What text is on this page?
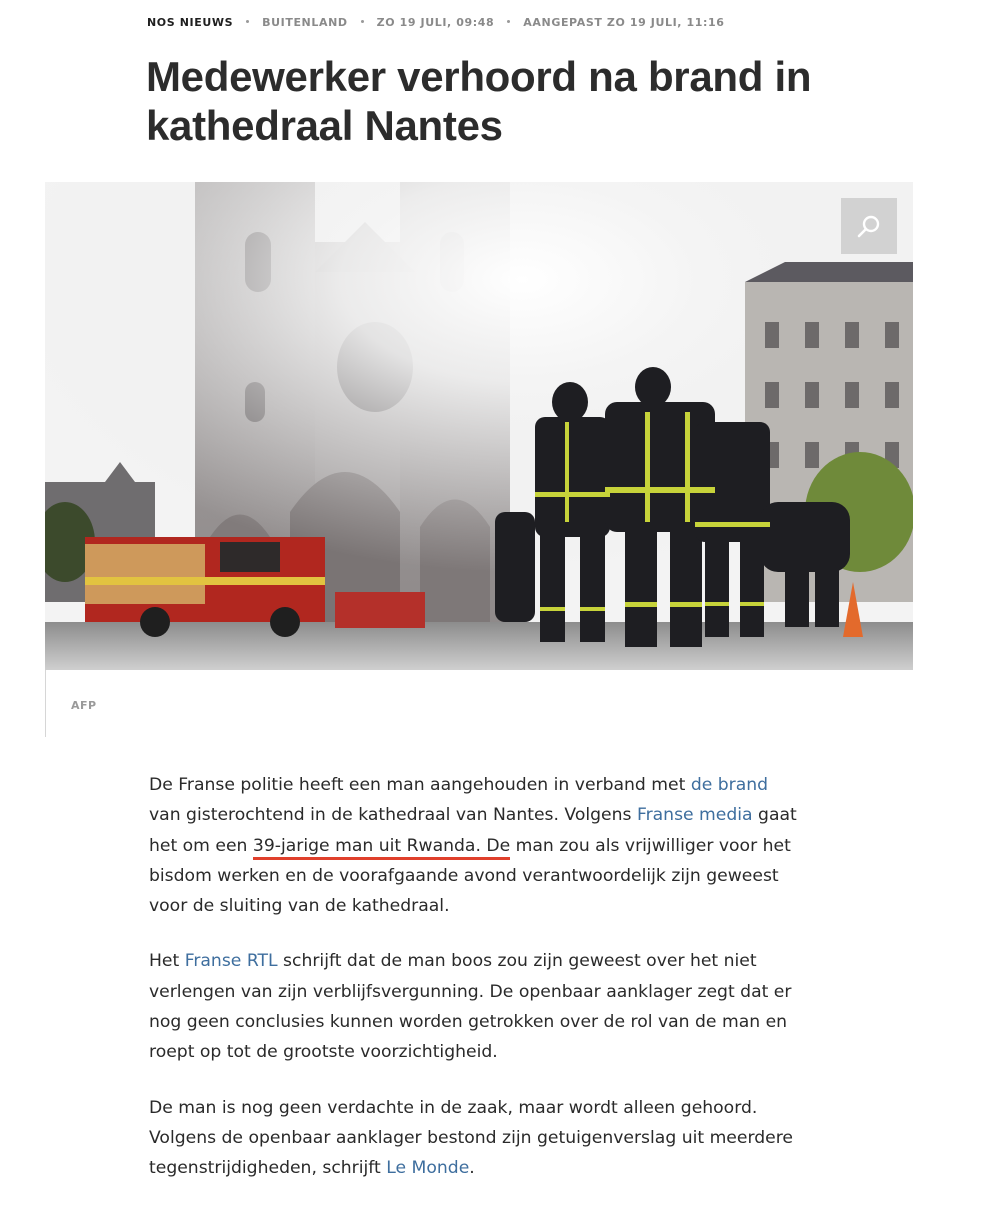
NOS NIEUWS	BUITENLAND	ZO 19 JULI, 09:48	AANGEPAST ZO 19 JULI, 11:16
Medewerker verhoord na brand in kathedraal Nantes
AFP

De Franse politie heeft een man aangehouden in verband met de brand van gisterochtend in de kathedraal van Nantes. Volgens Franse media gaat het om een 39-jarige man uit Rwanda. De man zou als vrijwilliger voor het bisdom werken en de voorafgaande avond verantwoordelijk zijn geweest voor de sluiting van de kathedraal.

Het Franse RTL schrijft dat de man boos zou zijn geweest over het niet verlengen van zijn verblijfsvergunning. De openbaar aanklager zegt dat er nog geen conclusies kunnen worden getrokken over de rol van de man en roept op tot de grootste voorzichtigheid.

De man is nog geen verdachte in de zaak, maar wordt alleen gehoord. Volgens de openbaar aanklager bestond zijn getuigenverslag uit meerdere tegenstrijdigheden, schrijft Le Monde.
